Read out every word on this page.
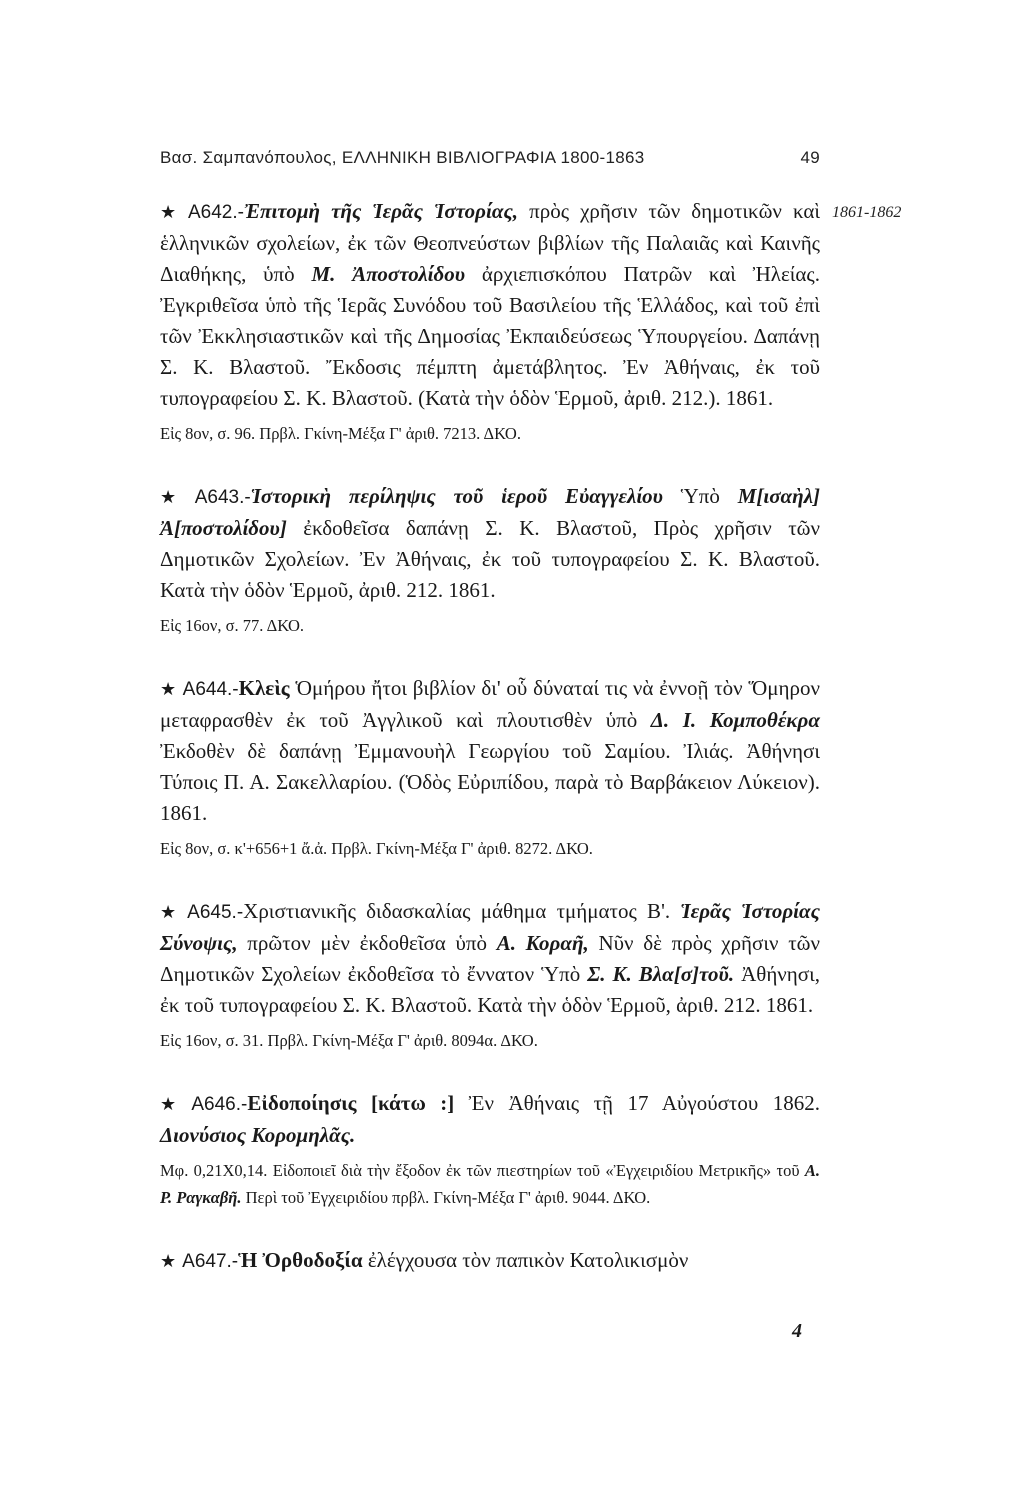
Βασ. Σαμπανόπουλος, ΕΛΛΗΝΙΚΗ ΒΙΒΛΙΟΓΡΑΦΙΑ 1800-1863	49
1861-1862

★ Α642.-Ἐπιτομὴ τῆς Ἱερᾶς Ἱστορίας, πρὸς χρῆσιν τῶν δημοτικῶν καὶ ἑλληνικῶν σχολείων, ἐκ τῶν Θεοπνεύστων βιβλίων τῆς Παλαιᾶς καὶ Καινῆς Διαθήκης, ὑπὸ Μ. Ἀποστολίδου ἀρχιεπισκόπου Πατρῶν καὶ Ἠλείας. Ἐγκριθεῖσα ὑπὸ τῆς Ἱερᾶς Συνόδου τοῦ Βασιλείου τῆς Ἑλλάδος, καὶ τοῦ ἐπὶ τῶν Ἐκκλησιαστικῶν καὶ τῆς Δημοσίας Ἐκπαιδεύσεως Ὑπουργείου. Δαπάνῃ Σ. Κ. Βλαστοῦ. Ἔκδοσις πέμπτη ἀμετάβλητος. Ἐν Ἀθήναις, ἐκ τοῦ τυπογραφείου Σ. Κ. Βλαστοῦ. (Κατὰ τὴν ὁδὸν Ἑρμοῦ, ἀριθ. 212.). 1861.

Εἰς 8ον, σ. 96. Πρβλ. Γκίνη-Μέξα Γ' ἀριθ. 7213. ΔΚΟ.

★ Α643.-Ἱστορικὴ περίληψις τοῦ ἱεροῦ Εὐαγγελίου Ὑπὸ Μ[ισαὴλ] Ἀ[ποστολίδου] ἐκδοθεῖσα δαπάνῃ Σ. Κ. Βλαστοῦ, Πρὸς χρῆσιν τῶν Δημοτικῶν Σχολείων. Ἐν Ἀθήναις, ἐκ τοῦ τυπογραφείου Σ. Κ. Βλαστοῦ. Κατὰ τὴν ὁδὸν Ἑρμοῦ, ἀριθ. 212. 1861.

Εἰς 16ον, σ. 77. ΔΚΟ.

★ Α644.-Κλεὶς Ὁμήρου ἤτοι βιβλίον δι' οὗ δύναταί τις νὰ ἐννοῇ τὸν Ὅμηρον μεταφρασθὲν ἐκ τοῦ Ἀγγλικοῦ καὶ πλουτισθὲν ὑπὸ Δ. Ι. Κομποθέκρα Ἐκδοθὲν δὲ δαπάνῃ Ἐμμανουὴλ Γεωργίου τοῦ Σαμίου. Ἰλιάς. Ἀθήνησι Τύποις Π. Α. Σακελλαρίου. (Ὁδὸς Εὐριπίδου, παρὰ τὸ Βαρβάκειον Λύκειον). 1861.

Εἰς 8ον, σ. κ'+656+1 ἄ.ἀ. Πρβλ. Γκίνη-Μέξα Γ' ἀριθ. 8272. ΔΚΟ.

★ Α645.-Χριστιανικῆς διδασκαλίας μάθημα τμήματος Β'. Ἱερᾶς Ἱστορίας Σύνοψις, πρῶτον μὲν ἐκδοθεῖσα ὑπὸ Α. Κοραῆ, Νῦν δὲ πρὸς χρῆσιν τῶν Δημοτικῶν Σχολείων ἐκδοθεῖσα τὸ ἔννατον Ὑπὸ Σ. Κ. Βλα[σ]τοῦ. Ἀθήνησι, ἐκ τοῦ τυπογραφείου Σ. Κ. Βλαστοῦ. Κατὰ τὴν ὁδὸν Ἑρμοῦ, ἀριθ. 212. 1861.

Εἰς 16ον, σ. 31. Πρβλ. Γκίνη-Μέξα Γ' ἀριθ. 8094α. ΔΚΟ.

★ Α646.-Εἰδοποίησις [κάτω :] Ἐν Ἀθήναις τῇ 17 Αὐγούστου 1862. Διονύσιος Κορομηλᾶς.

Μφ. 0,21Χ0,14. Εἰδοποιεῖ διὰ τὴν ἔξοδον ἐκ τῶν πιεστηρίων τοῦ «Ἐγχειριδίου Μετρικῆς» τοῦ Α. Ρ. Ραγκαβῆ. Περὶ τοῦ Ἐγχειριδίου πρβλ. Γκίνη-Μέξα Γ' ἀριθ. 9044. ΔΚΟ.

★ Α647.-Ἡ Ὀρθοδοξία ἐλέγχουσα τὸν παπικὸν Κατολικισμὸν

4
